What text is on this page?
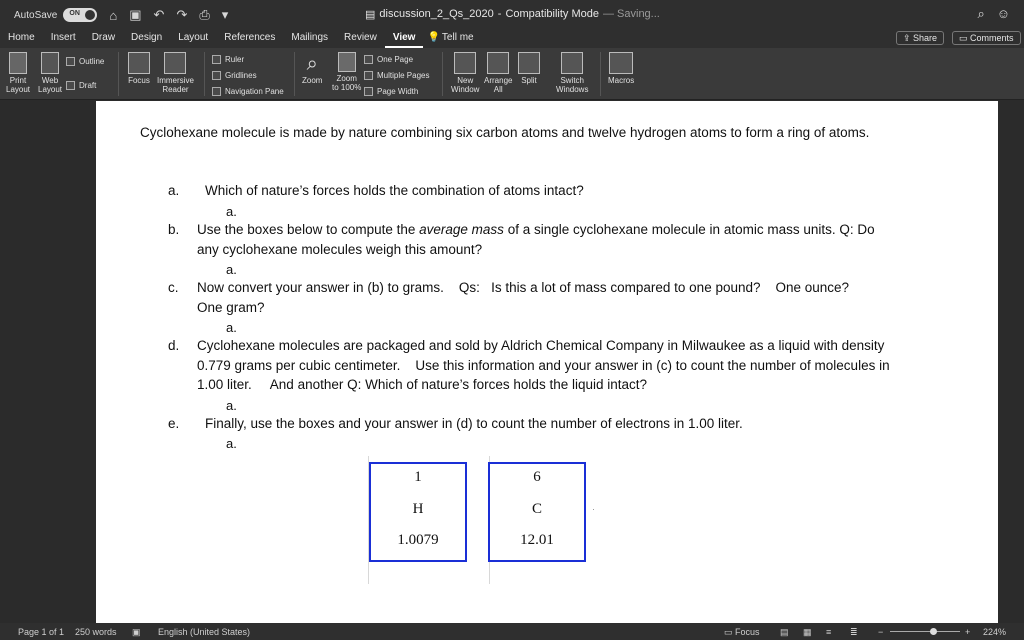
AutoSave ON ⌂ ▣ ↶ ↷ ⎙ ▾	▤ discussion_2_Qs_2020 - Compatibility Mode — Saving...	⌕ ☺
Home	Insert	Draw	Design	Layout	References	Mailings	Review	View	💡 Tell me	⇪ Share	▭ Comments
Print
Layout
Web
Layout
Outline
Draft
Focus Immersive
Reader
Ruler
Gridlines
Navigation Pane
⌕
Zoom	Zoom
to 100%
One Page
Multiple Pages
Page Width
New
Window
Arrange
All
Split	Switch
Windows
Macros
Cyclohexane molecule is made by nature combining six carbon atoms and twelve hydrogen atoms to form a ring of atoms.
a. Which of nature’s forces holds the combination of atoms intact?
a.
b. Use the boxes below to compute the average mass of a single cyclohexane molecule in atomic mass units. Q: Do any cyclohexane molecules weigh this amount?
a.
c. Now convert your answer in (b) to grams.    Qs:   Is this a lot of mass compared to one pound?    One ounce?    One gram?
a.
d. Cyclohexane molecules are packaged and sold by Aldrich Chemical Company in Milwaukee as a liquid with density 0.779 grams per cubic centimeter.    Use this information and your answer in (c) to count the number of molecules in 1.00 liter.     And another Q: Which of nature’s forces holds the liquid intact?
a.
e. Finally, use the boxes and your answer in (d) to count the number of electrons in 1.00 liter.
a.
1
H
1.0079
6
C
12.01
Page 1 of 1 250 words ▣ English (United States)	▭ Focus ▤ ▦ ≡ ≣ −	+ 224%
